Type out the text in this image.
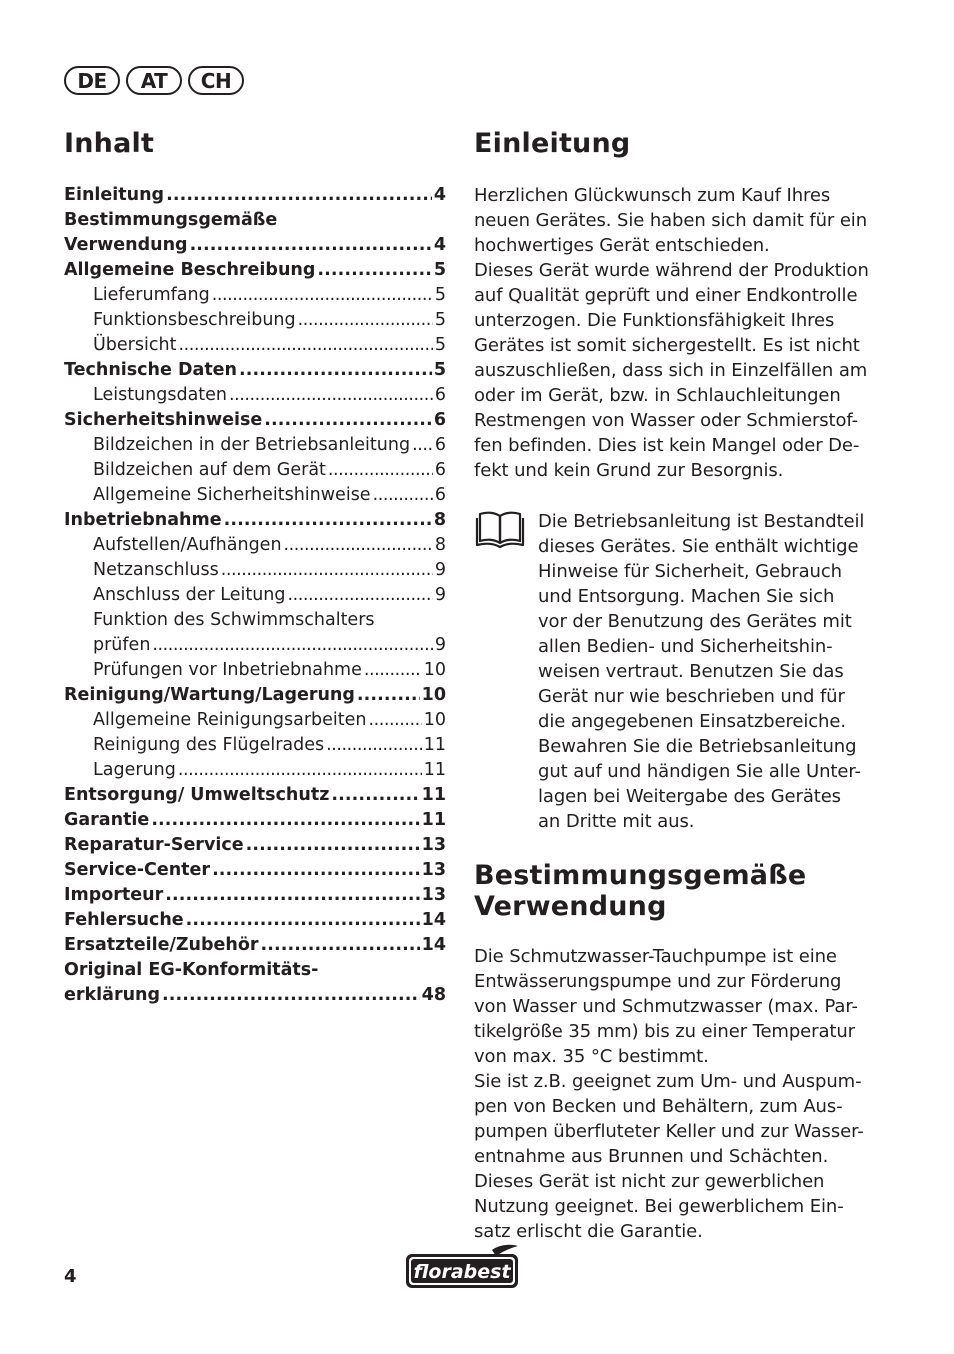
DE	AT	CH
Inhalt
Einleitung . . .	4
Bestimmungsgemäße
Verwendung . . .	4
Allgemeine Beschreibung . . .	5
Lieferumfang . . .	5
Funktionsbeschreibung . . .	5
Übersicht . . .	5
Technische Daten . . .	5
Leistungsdaten . . .	6
Sicherheitshinweise . . .	6
Bildzeichen in der Betriebsanleitung . . . 6
Bildzeichen auf dem Gerät . . .	6
Allgemeine Sicherheitshinweise . . .	6
Inbetriebnahme . . .	8
Aufstellen/Aufhängen . . .	8
Netzanschluss . . .	9
Anschluss der Leitung . . .	9
Funktion des Schwimmschalters
prüfen . . .	9
Prüfungen vor Inbetriebnahme . . .	10
Reinigung/Wartung/Lagerung . . .	10
Allgemeine Reinigungsarbeiten . . .	10
Reinigung des Flügelrades . . .	11
Lagerung . . .	11
Entsorgung/ Umweltschutz . . .	11
Garantie . . .	11
Reparatur-Service . . .	13
Service-Center . . .	13
Importeur . . .	13
Fehlersuche . . .	14
Ersatzteile/Zubehör . . .	14
Original EG-Konformitäts-
erklärung . . .	48
Einleitung

Herzlichen Glückwunsch zum Kauf Ihres

neuen Gerätes. Sie haben sich damit für ein

hochwertiges Gerät entschieden.

Dieses Gerät wurde während der Produktion

auf Qualität geprüft und einer Endkontrolle

unterzogen. Die Funktionsfähigkeit Ihres

Gerätes ist somit sichergestellt. Es ist nicht

auszuschließen, dass sich in Einzelfällen am

oder im Gerät, bzw. in Schlauchleitungen

Restmengen von Wasser oder Schmierstof-

fen befinden. Dies ist kein Mangel oder De-

fekt und kein Grund zur Besorgnis.

Die Betriebsanleitung ist Bestandteil

dieses Gerätes. Sie enthält wichtige

Hinweise für Sicherheit, Gebrauch

und Entsorgung. Machen Sie sich

vor der Benutzung des Gerätes mit

allen Bedien- und Sicherheitshin-

weisen vertraut. Benutzen Sie das

Gerät nur wie beschrieben und für

die angegebenen Einsatzbereiche.

Bewahren Sie die Betriebsanleitung

gut auf und händigen Sie alle Unter-

lagen bei Weitergabe des Gerätes

an Dritte mit aus.

Bestimmungsgemäße
Verwendung

Die Schmutzwasser-Tauchpumpe ist eine

Entwässerungspumpe und zur Förderung

von Wasser und Schmutzwasser (max. Par-

tikelgröße 35 mm) bis zu einer Temperatur

von max. 35 °C bestimmt.

Sie ist z.B. geeignet zum Um- und Auspum-

pen von Becken und Behältern, zum Aus-

pumpen überfluteter Keller und zur Wasser-

entnahme aus Brunnen und Schächten.

Dieses Gerät ist nicht zur gewerblichen

Nutzung geeignet. Bei gewerblichem Ein-

satz erlischt die Garantie.

4	florabest
